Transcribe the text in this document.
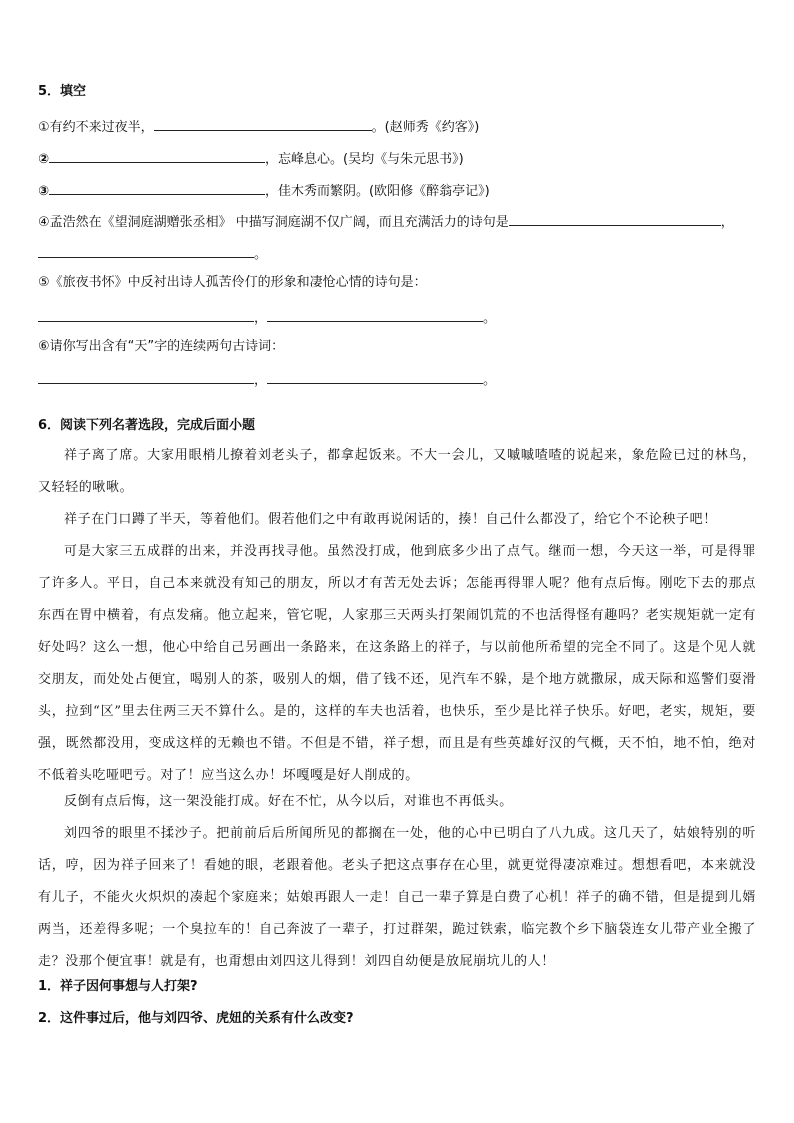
5．填空
①有约不来过夜半，	。(赵师秀《约客》)
②	，忘峰息心。(吴均《与朱元思书》)
③	，佳木秀而繁阴。(欧阳修《醉翁亭记》)
④孟浩然在《望洞庭湖赠张丞相》 中描写洞庭湖不仅广阔，而且充满活力的诗句是	，
。
⑤《旅夜书怀》中反衬出诗人孤苦伶仃的形象和凄怆心情的诗句是：
，	。
⑥请你写出含有“天”字的连续两句古诗词：
，	。
6．阅读下列名著选段，完成后面小题
祥子离了席。大家用眼梢儿撩着刘老头子，都拿起饭来。不大一会儿，又嘁嘁喳喳的说起来，象危险已过的林鸟，又轻轻的啾啾。
祥子在门口蹲了半天，等着他们。假若他们之中有敢再说闲话的，揍！自己什么都没了，给它个不论秧子吧！
可是大家三五成群的出来，并没再找寻他。虽然没打成，他到底多少出了点气。继而一想，今天这一举，可是得罪了许多人。平日，自己本来就没有知己的朋友，所以才有苦无处去诉；怎能再得罪人呢？他有点后悔。刚吃下去的那点东西在胃中横着，有点发痛。他立起来，管它呢，人家那三天两头打架闹饥荒的不也活得怪有趣吗？老实规矩就一定有好处吗？这么一想，他心中给自己另画出一条路来，在这条路上的祥子，与以前他所希望的完全不同了。这是个见人就交朋友，而处处占便宜，喝别人的茶，吸别人的烟，借了钱不还，见汽车不躲，是个地方就撒尿，成天际和巡警们耍滑头，拉到“区”里去住两三天不算什么。是的，这样的车夫也活着，也快乐，至少是比祥子快乐。好吧，老实，规矩，要强，既然都没用，变成这样的无赖也不错。不但是不错，祥子想，而且是有些英雄好汉的气概，天不怕，地不怕，绝对不低着头吃哑吧亏。对了！应当这么办！坏嘎嘎是好人削成的。
反倒有点后悔，这一架没能打成。好在不忙，从今以后，对谁也不再低头。
刘四爷的眼里不揉沙子。把前前后后所闻所见的都搁在一处，他的心中已明白了八九成。这几天了，姑娘特别的听话，哼，因为祥子回来了！看她的眼，老跟着他。老头子把这点事存在心里，就更觉得凄凉难过。想想看吧，本来就没有儿子，不能火火炽炽的凑起个家庭来；姑娘再跟人一走！自己一辈子算是白费了心机！祥子的确不错，但是提到儿婿两当，还差得多呢；一个臭拉车的！自己奔波了一辈子，打过群架，跪过铁索，临完教个乡下脑袋连女儿带产业全搬了走？没那个便宜事！就是有，也甭想由刘四这儿得到！刘四自幼便是放屁崩坑儿的人！
1．祥子因何事想与人打架?
2．这件事过后，他与刘四爷、虎妞的关系有什么改变?
